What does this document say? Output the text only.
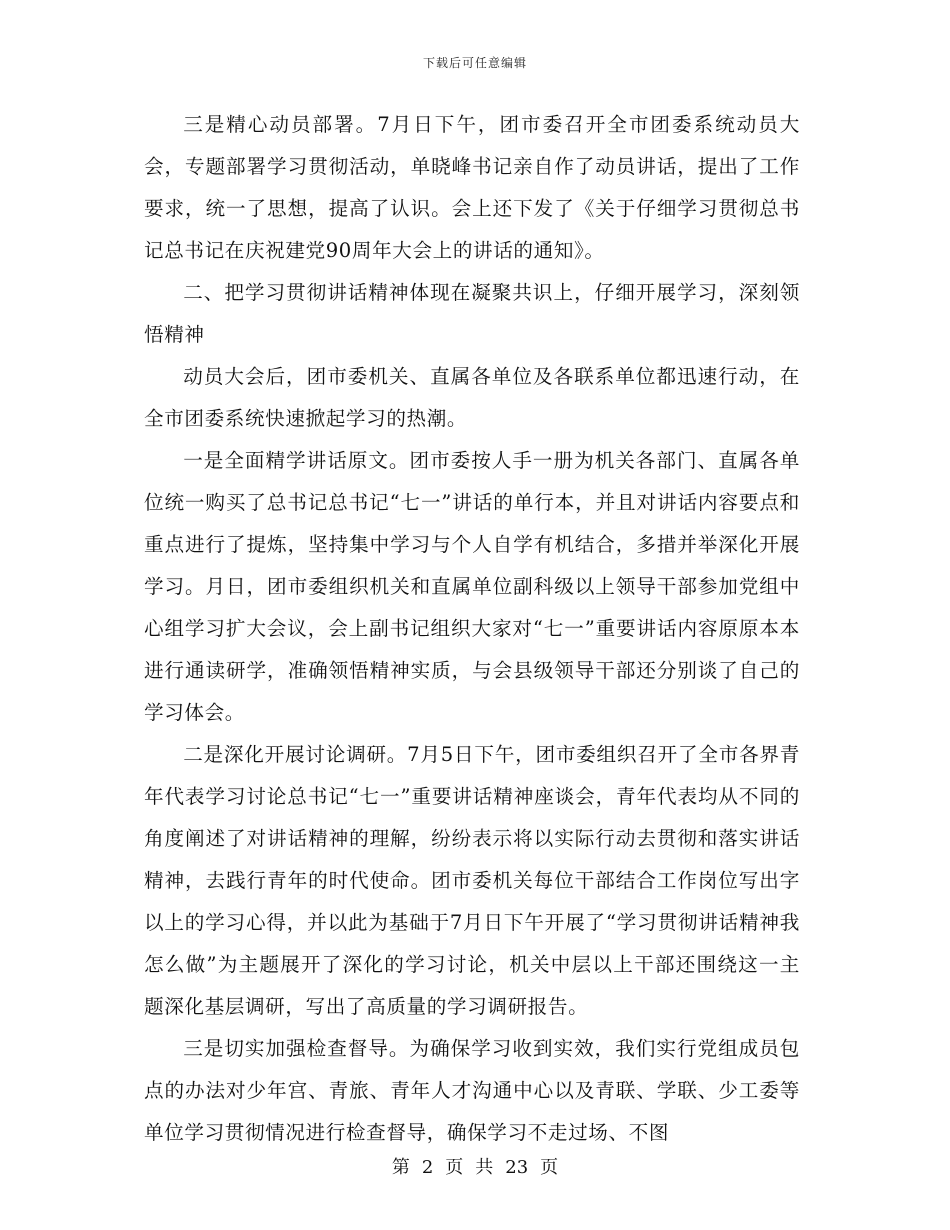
下载后可任意编辑

三是精心动员部署。7月日下午，团市委召开全市团委系统动员大会，专题部署学习贯彻活动，单晓峰书记亲自作了动员讲话，提出了工作要求，统一了思想，提高了认识。会上还下发了《关于仔细学习贯彻总书记总书记在庆祝建党90周年大会上的讲话的通知》。

二、把学习贯彻讲话精神体现在凝聚共识上，仔细开展学习，深刻领悟精神

动员大会后，团市委机关、直属各单位及各联系单位都迅速行动，在全市团委系统快速掀起学习的热潮。

一是全面精学讲话原文。团市委按人手一册为机关各部门、直属各单位统一购买了总书记总书记“七一”讲话的单行本，并且对讲话内容要点和重点进行了提炼，坚持集中学习与个人自学有机结合，多措并举深化开展学习。月日，团市委组织机关和直属单位副科级以上领导干部参加党组中心组学习扩大会议，会上副书记组织大家对“七一”重要讲话内容原原本本进行通读研学，准确领悟精神实质，与会县级领导干部还分别谈了自己的学习体会。

二是深化开展讨论调研。7月5日下午，团市委组织召开了全市各界青年代表学习讨论总书记“七一”重要讲话精神座谈会，青年代表均从不同的角度阐述了对讲话精神的理解，纷纷表示将以实际行动去贯彻和落实讲话精神，去践行青年的时代使命。团市委机关每位干部结合工作岗位写出字以上的学习心得，并以此为基础于7月日下午开展了“学习贯彻讲话精神我怎么做”为主题展开了深化的学习讨论，机关中层以上干部还围绕这一主题深化基层调研，写出了高质量的学习调研报告。

三是切实加强检查督导。为确保学习收到实效，我们实行党组成员包点的办法对少年宫、青旅、青年人才沟通中心以及青联、学联、少工委等单位学习贯彻情况进行检查督导，确保学习不走过场、不图

第 2 页 共 23 页
